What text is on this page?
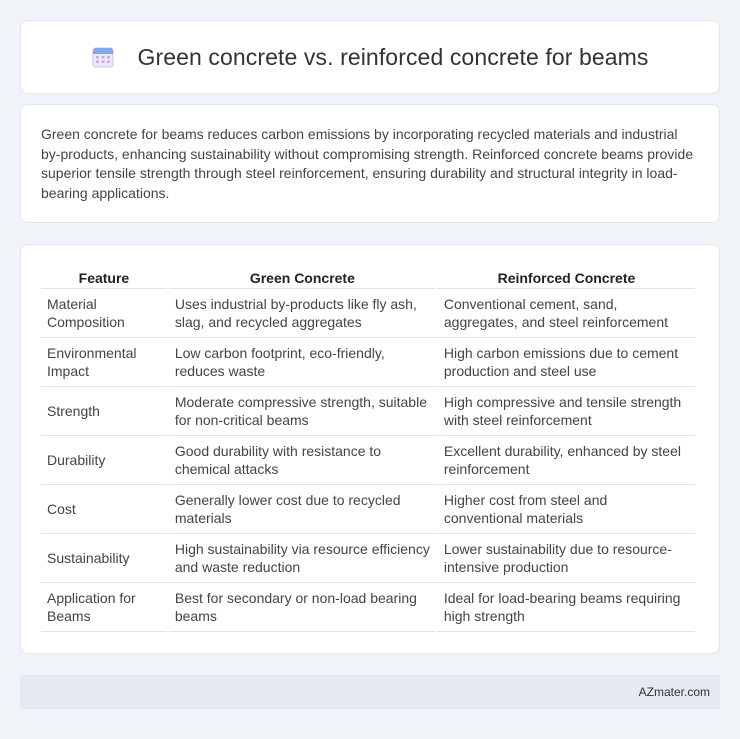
Green concrete vs. reinforced concrete for beams

Green concrete for beams reduces carbon emissions by incorporating recycled materials and industrial by-products, enhancing sustainability without compromising strength. Reinforced concrete beams provide superior tensile strength through steel reinforcement, ensuring durability and structural integrity in load-bearing applications.

Feature	Green Concrete	Reinforced Concrete
Material Composition	Uses industrial by-products like fly ash, slag, and recycled aggregates	Conventional cement, sand, aggregates, and steel reinforcement
Environmental Impact	Low carbon footprint, eco-friendly, reduces waste	High carbon emissions due to cement production and steel use
Strength	Moderate compressive strength, suitable for non-critical beams	High compressive and tensile strength with steel reinforcement
Durability	Good durability with resistance to chemical attacks	Excellent durability, enhanced by steel reinforcement
Cost	Generally lower cost due to recycled materials	Higher cost from steel and conventional materials
Sustainability	High sustainability via resource efficiency and waste reduction	Lower sustainability due to resource-intensive production
Application for Beams	Best for secondary or non-load bearing beams	Ideal for load-bearing beams requiring high strength
AZmater.com
